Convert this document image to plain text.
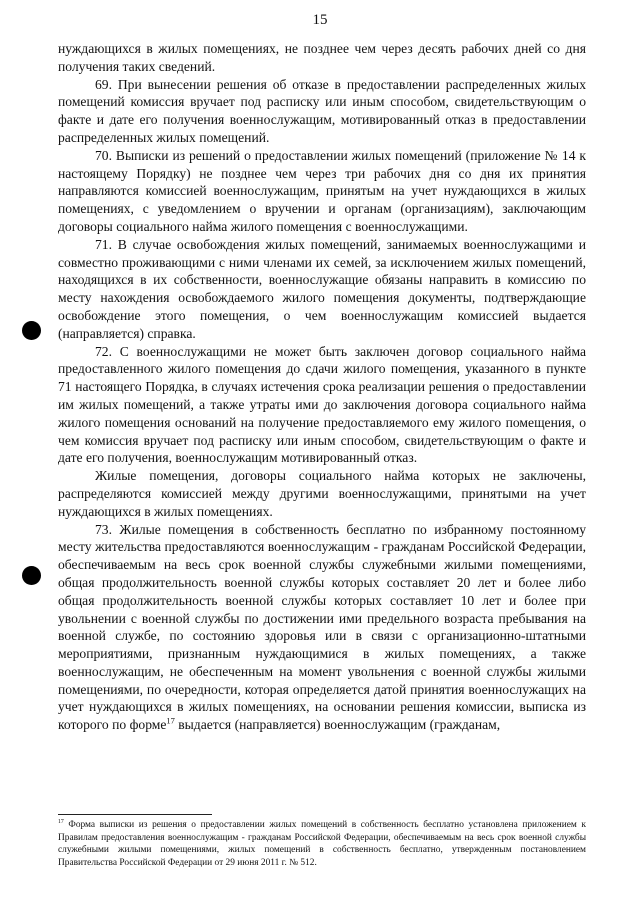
15

нуждающихся в жилых помещениях, не позднее чем через десять рабочих дней со дня получения таких сведений.

69. При вынесении решения об отказе в предоставлении распределенных жилых помещений комиссия вручает под расписку или иным способом, свидетельствующим о факте и дате его получения военнослужащим, мотивированный отказ в предоставлении распределенных жилых помещений.

70. Выписки из решений о предоставлении жилых помещений (приложение № 14 к настоящему Порядку) не позднее чем через три рабочих дня со дня их принятия направляются комиссией военнослужащим, принятым на учет нуждающихся в жилых помещениях, с уведомлением о вручении и органам (организациям), заключающим договоры социального найма жилого помещения с военнослужащими.

71. В случае освобождения жилых помещений, занимаемых военнослужащими и совместно проживающими с ними членами их семей, за исключением жилых помещений, находящихся в их собственности, военнослужащие обязаны направить в комиссию по месту нахождения освобождаемого жилого помещения документы, подтверждающие освобождение этого помещения, о чем военнослужащим комиссией выдается (направляется) справка.

72. С военнослужащими не может быть заключен договор социального найма предоставленного жилого помещения до сдачи жилого помещения, указанного в пункте 71 настоящего Порядка, в случаях истечения срока реализации решения о предоставлении им жилых помещений, а также утраты ими до заключения договора социального найма жилого помещения оснований на получение предоставляемого ему жилого помещения, о чем комиссия вручает под расписку или иным способом, свидетельствующим о факте и дате его получения, военнослужащим мотивированный отказ.

Жилые помещения, договоры социального найма которых не заключены, распределяются комиссией между другими военнослужащими, принятыми на учет нуждающихся в жилых помещениях.

73. Жилые помещения в собственность бесплатно по избранному постоянному месту жительства предоставляются военнослужащим - гражданам Российской Федерации, обеспечиваемым на весь срок военной службы служебными жилыми помещениями, общая продолжительность военной службы которых составляет 20 лет и более либо общая продолжительность военной службы которых составляет 10 лет и более при увольнении с военной службы по достижении ими предельного возраста пребывания на военной службе, по состоянию здоровья или в связи с организационно-штатными мероприятиями, признанным нуждающимися в жилых помещениях, а также военнослужащим, не обеспеченным на момент увольнения с военной службы жилыми помещениями, по очередности, которая определяется датой принятия военнослужащих на учет нуждающихся в жилых помещениях, на основании решения комиссии, выписка из которого по форме$^{17}$ выдается (направляется) военнослужащим (гражданам,

$^{17}$ Форма выписки из решения о предоставлении жилых помещений в собственность бесплатно установлена приложением к Правилам предоставления военнослужащим - гражданам Российской Федерации, обеспечиваемым на весь срок военной службы служебными жилыми помещениями, жилых помещений в собственность бесплатно, утвержденным постановлением Правительства Российской Федерации от 29 июня 2011 г. № 512.
